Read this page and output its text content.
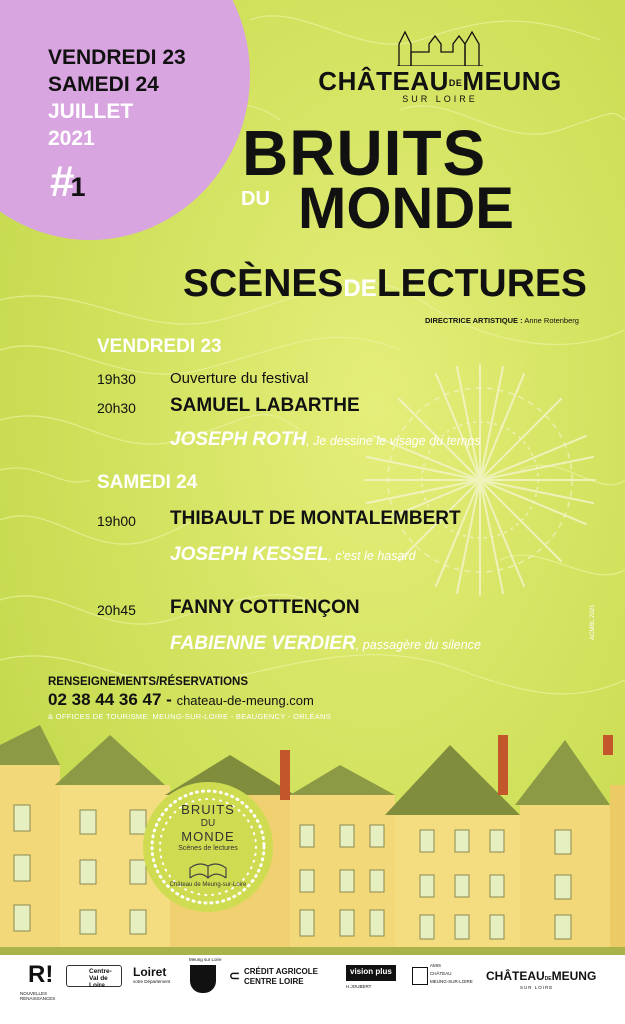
VENDREDI 23
SAMEDI 24
JUILLET
2021
#1
CHÂTEAUDEMEUNG
SUR LOIRE
BRUITS
DU MONDE
SCÈNESDELECTURES
DIRECTRICE ARTISTIQUE : Anne Rotenberg
VENDREDI 23
19h30 Ouverture du festival
20h30 SAMUEL LABARTHE
JOSEPH ROTH, Je dessine le visage du temps
SAMEDI 24
19h00 THIBAULT DE MONTALEMBERT
JOSEPH KESSEL, c'est le hasard
20h45 FANNY COTTENÇON
FABIENNE VERDIER, passagère du silence
ACMBL 2021
RENSEIGNEMENTS/RÉSERVATIONS
02 38 44 36 47 - chateau-de-meung.com
& OFFICES DE TOURISME: MEUNG-SUR-LOIRE - BEAUGENCY - ORLÉANS
BRUITS
DU
MONDE
Scènes de lectures
Château de Meung-sur-Loire
R!
NOUVELLES RENAISSANCES
Centre-Val de Loire
Loiret
votre Département
Meung sur Loire
⊂ CRÉDIT AGRICOLE
CENTRE LOIRE
vision plus
H.JOUBERT
AMIS
CHÂTEAU
MEUNG-SUR-LOIRE CHÂTEAUDEMEUNG
SUR LOIRE
